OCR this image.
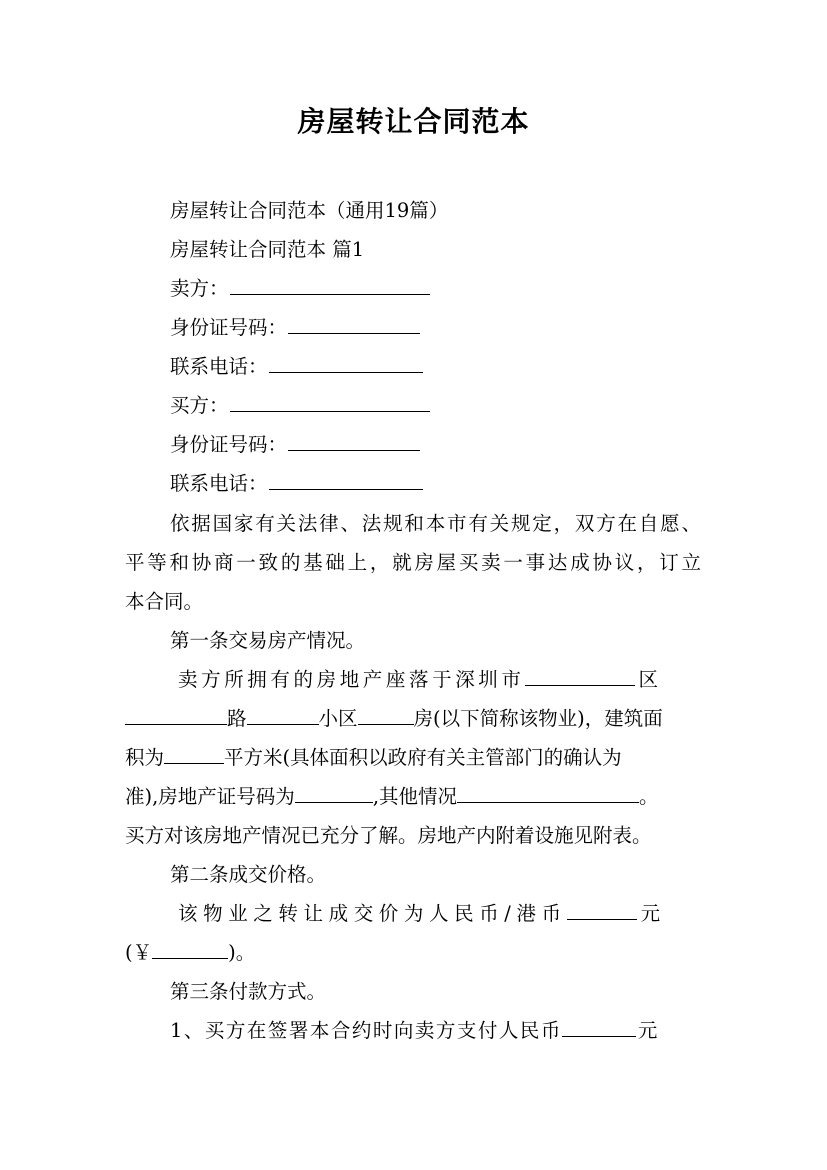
房屋转让合同范本
房屋转让合同范本（通用19篇）
房屋转让合同范本 篇1
卖方：
身份证号码：
联系电话：
买方：
身份证号码：
联系电话：
依据国家有关法律、法规和本市有关规定，双方在自愿、
平等和协商一致的基础上，就房屋买卖一事达成协议，订立
本合同。
第一条交易房产情况。
卖方所拥有的房地产座落于深圳市	区
路	小区	房(以下简称该物业)，建筑面
积为	平方米(具体面积以政府有关主管部门的确认为
准),房地产证号码为	,其他情况	。
买方对该房地产情况已充分了解。房地产内附着设施见附表。
第二条成交价格。
该物业之转让成交价为人民币/港币	元
(￥	)。
第三条付款方式。
1、买方在签署本合约时向卖方支付人民币	元
